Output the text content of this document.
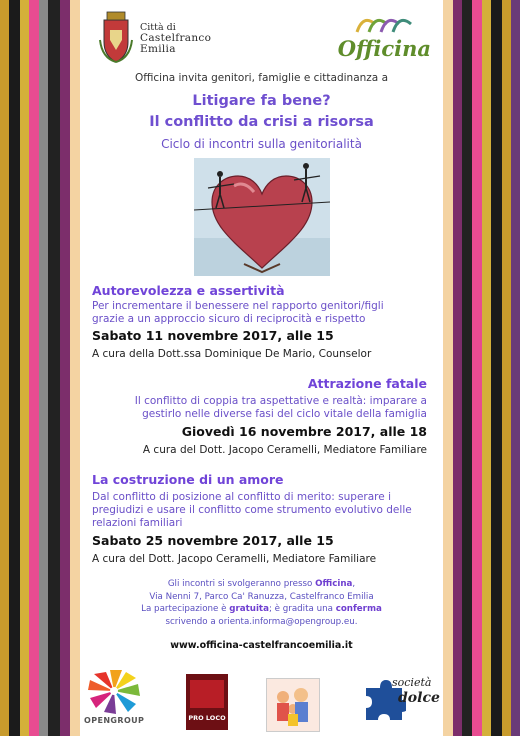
Città di
Castelfranco
Emilia	Officina
Officina invita genitori, famiglie e cittadinanza a
Litigare fa bene?
Il conflitto da crisi a risorsa
Ciclo di incontri sulla genitorialità
Autorevolezza e assertività
Per incrementare il benessere nel rapporto genitori/figli
grazie a un approccio sicuro di reciprocità e rispetto
Sabato 11 novembre 2017, alle 15
A cura della Dott.ssa Dominique De Mario, Counselor
Attrazione fatale
Il conflitto di coppia tra aspettative e realtà: imparare a
gestirlo nelle diverse fasi del ciclo vitale della famiglia
Giovedì 16 novembre 2017, alle 18
A cura del Dott. Jacopo Ceramelli, Mediatore Familiare
La costruzione di un amore
Dal conflitto di posizione al conflitto di merito: superare i
pregiudizi e usare il conflitto come strumento evolutivo delle
relazioni familiari
Sabato 25 novembre 2017, alle 15
A cura del Dott. Jacopo Ceramelli, Mediatore Familiare
Gli incontri si svolgeranno presso Officina,
Via Nenni 7, Parco Ca' Ranuzza, Castelfranco Emilia
La partecipazione è gratuita; è gradita una conferma
scrivendo a orienta.informa@opengroup.eu.
www.officina-castelfrancoemilia.it
OPENGROUP	PRO LOCO
società
dolce
